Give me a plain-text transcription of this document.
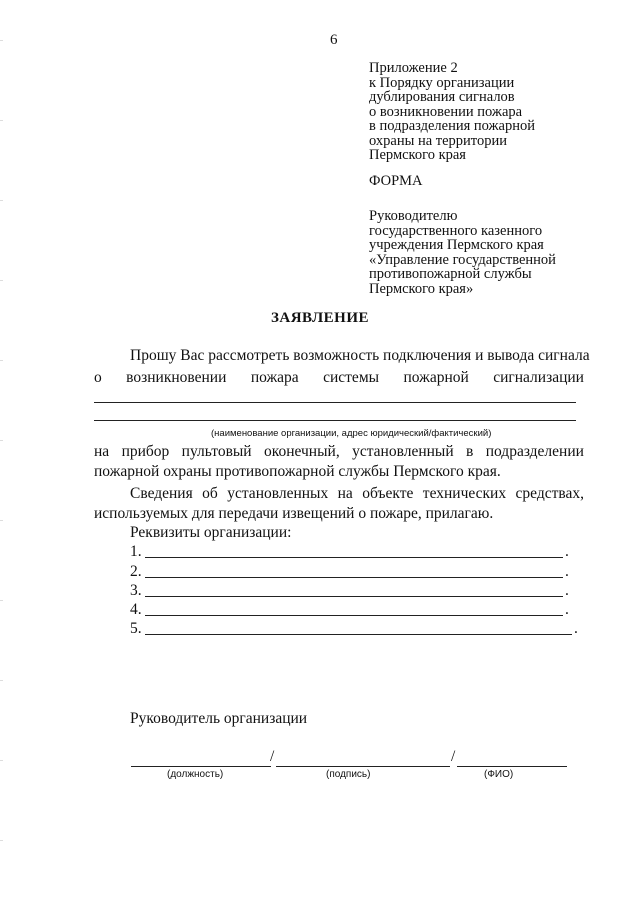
6
Приложение 2
к Порядку организации
дублирования сигналов
о возникновении пожара
в подразделения пожарной
охраны на территории
Пермского края
ФОРМА
Руководителю
государственного казенного
учреждения Пермского края
«Управление государственной
противопожарной службы
Пермского края»
ЗАЯВЛЕНИЕ
Прошу Вас рассмотреть возможность подключения и вывода сигнала
о возникновении пожара системы пожарной сигнализации
(наименование организации, адрес юридический/фактический)
на прибор пультовый оконечный, установленный в подразделении
пожарной охраны противопожарной службы Пермского края.
Сведения об установленных на объекте технических средствах,
используемых для передачи извещений о пожаре, прилагаю.
Реквизиты организации:
1.	.
2.	.
3.	.
4.	.
5.	.
Руководитель организации
/	/
(должность)	(подпись)	(ФИО)
